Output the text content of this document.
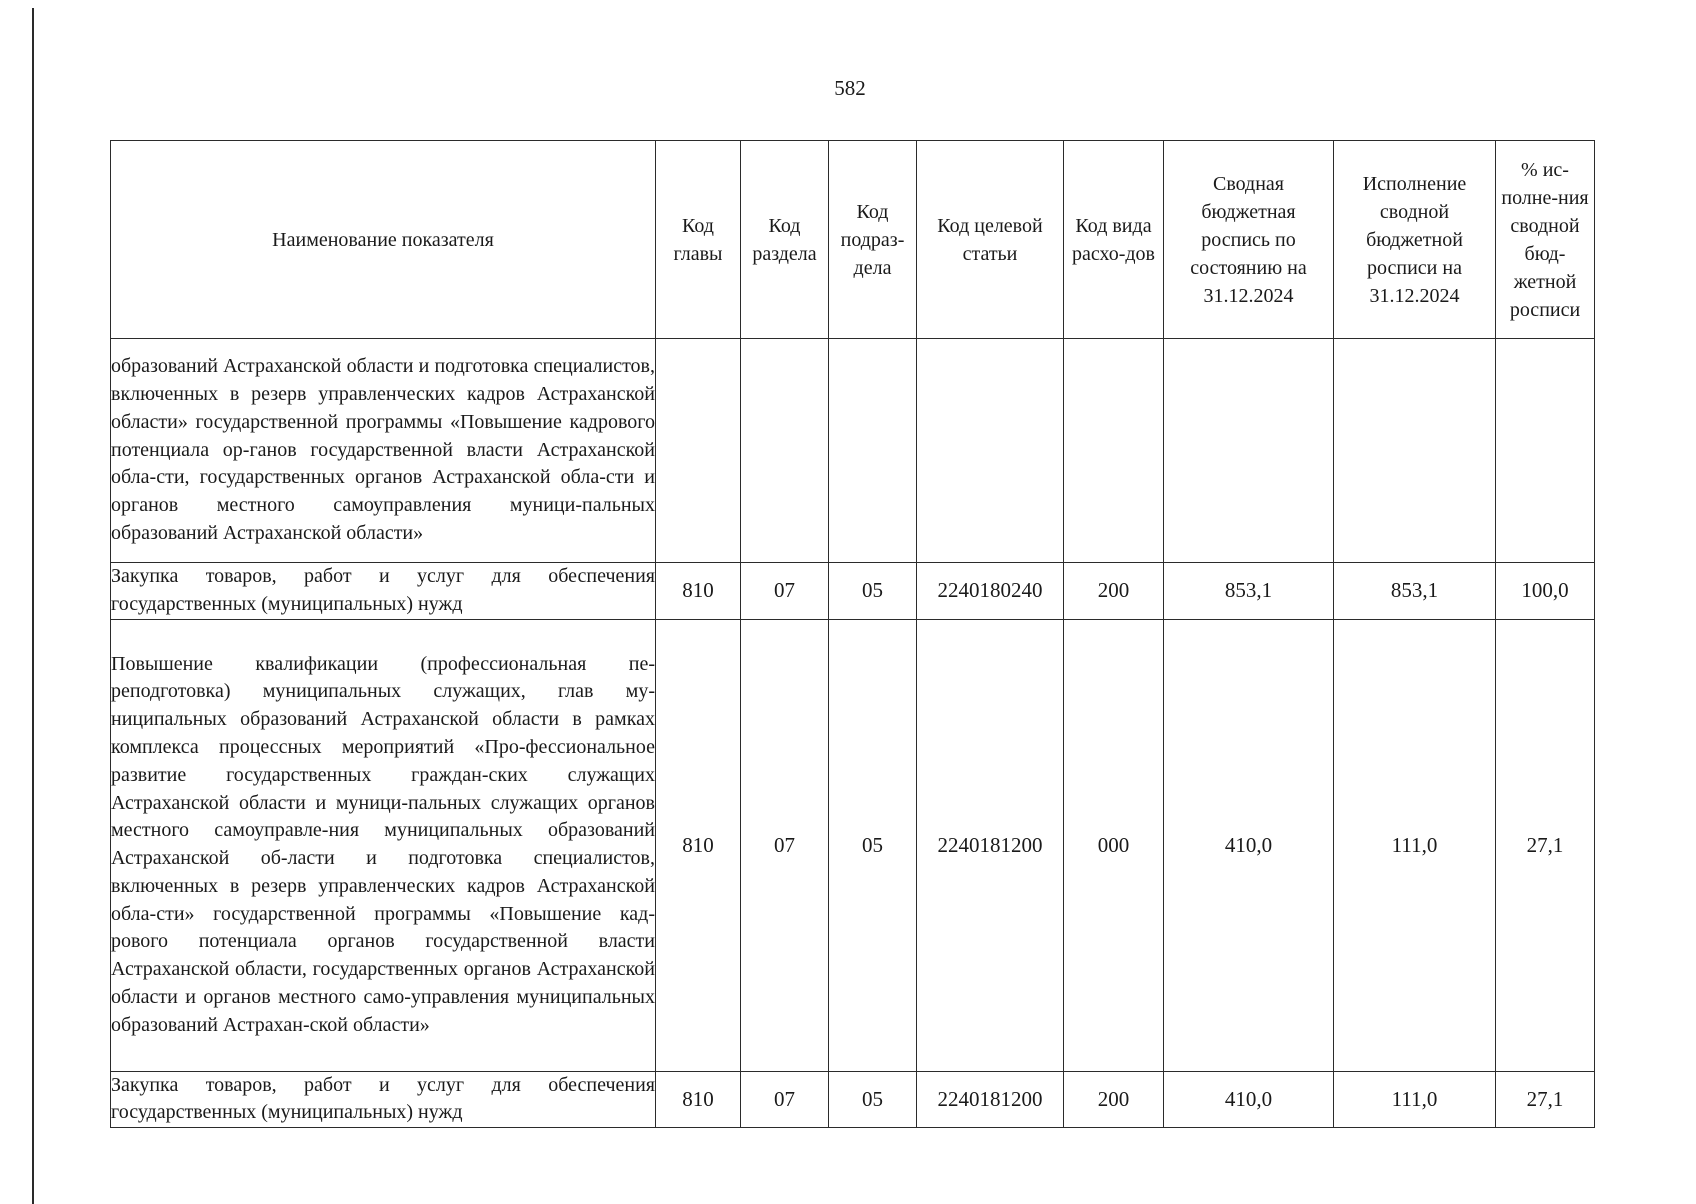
582
Наименование показателя	Код главы	Код раздела	Код подраз-дела	Код целевой статьи	Код вида расхо-дов	Сводная бюджетная роспись по состоянию на 31.12.2024	Исполнение сводной бюджетной росписи на 31.12.2024	% ис-полне-ния сводной бюд-жетной росписи
образований Астраханской области и подготовка специалистов, включенных в резерв управленческих кадров Астраханской области» государственной программы «Повышение кадрового потенциала ор-ганов государственной власти Астраханской обла-сти, государственных органов Астраханской обла-сти и органов местного самоуправления муници-пальных образований Астраханской области»								
Закупка товаров, работ и услуг для обеспечения государственных (муниципальных) нужд	810	07	05	2240180240	200	853,1	853,1	100,0
Повышение квалификации (профессиональная пе-реподготовка) муниципальных служащих, глав му-ниципальных образований Астраханской области в рамках комплекса процессных мероприятий «Про-фессиональное развитие государственных граждан-ских служащих Астраханской области и муници-пальных служащих органов местного самоуправле-ния муниципальных образований Астраханской об-ласти и подготовка специалистов, включенных в резерв управленческих кадров Астраханской обла-сти» государственной программы «Повышение кад-рового потенциала органов государственной власти Астраханской области, государственных органов Астраханской области и органов местного само-управления муниципальных образований Астрахан-ской области»	810	07	05	2240181200	000	410,0	111,0	27,1
Закупка товаров, работ и услуг для обеспечения государственных (муниципальных) нужд	810	07	05	2240181200	200	410,0	111,0	27,1
